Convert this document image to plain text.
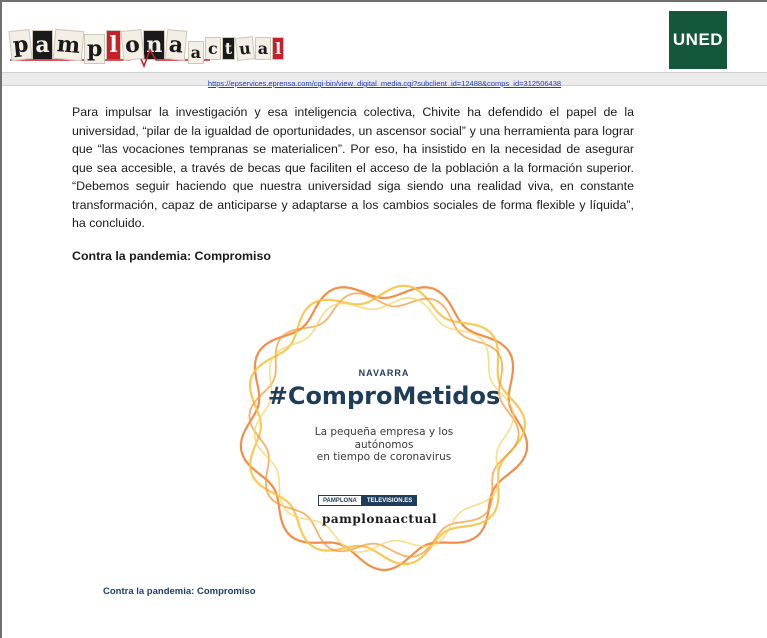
p a m p l o n a a c t u a l	UNED
https://epservices.eprensa.com/cgi-bin/view_digital_media.cgi?subclient_id=12488&comps_id=312506438

Para impulsar la investigación y esa inteligencia colectiva, Chivite ha defendido el papel de la universidad, “pilar de la igualdad de oportunidades, un ascensor social” y una herramienta para lograr que “las vocaciones tempranas se materialicen”. Por eso, ha insistido en la necesidad de asegurar que sea accesible, a través de becas que faciliten el acceso de la población a la formación superior. “Debemos seguir haciendo que nuestra universidad siga siendo una realidad viva, en constante transformación, capaz de anticiparse y adaptarse a los cambios sociales de forma flexible y líquida”, ha concluido.

Contra la pandemia: Compromiso
NAVARRA
#ComproMetidos
La pequeña empresa y los
autónomos
en tiempo de coronavirus
PAMPLONA	TELEVISION.ES
pamplonaactual
Contra la pandemia: Compromiso
